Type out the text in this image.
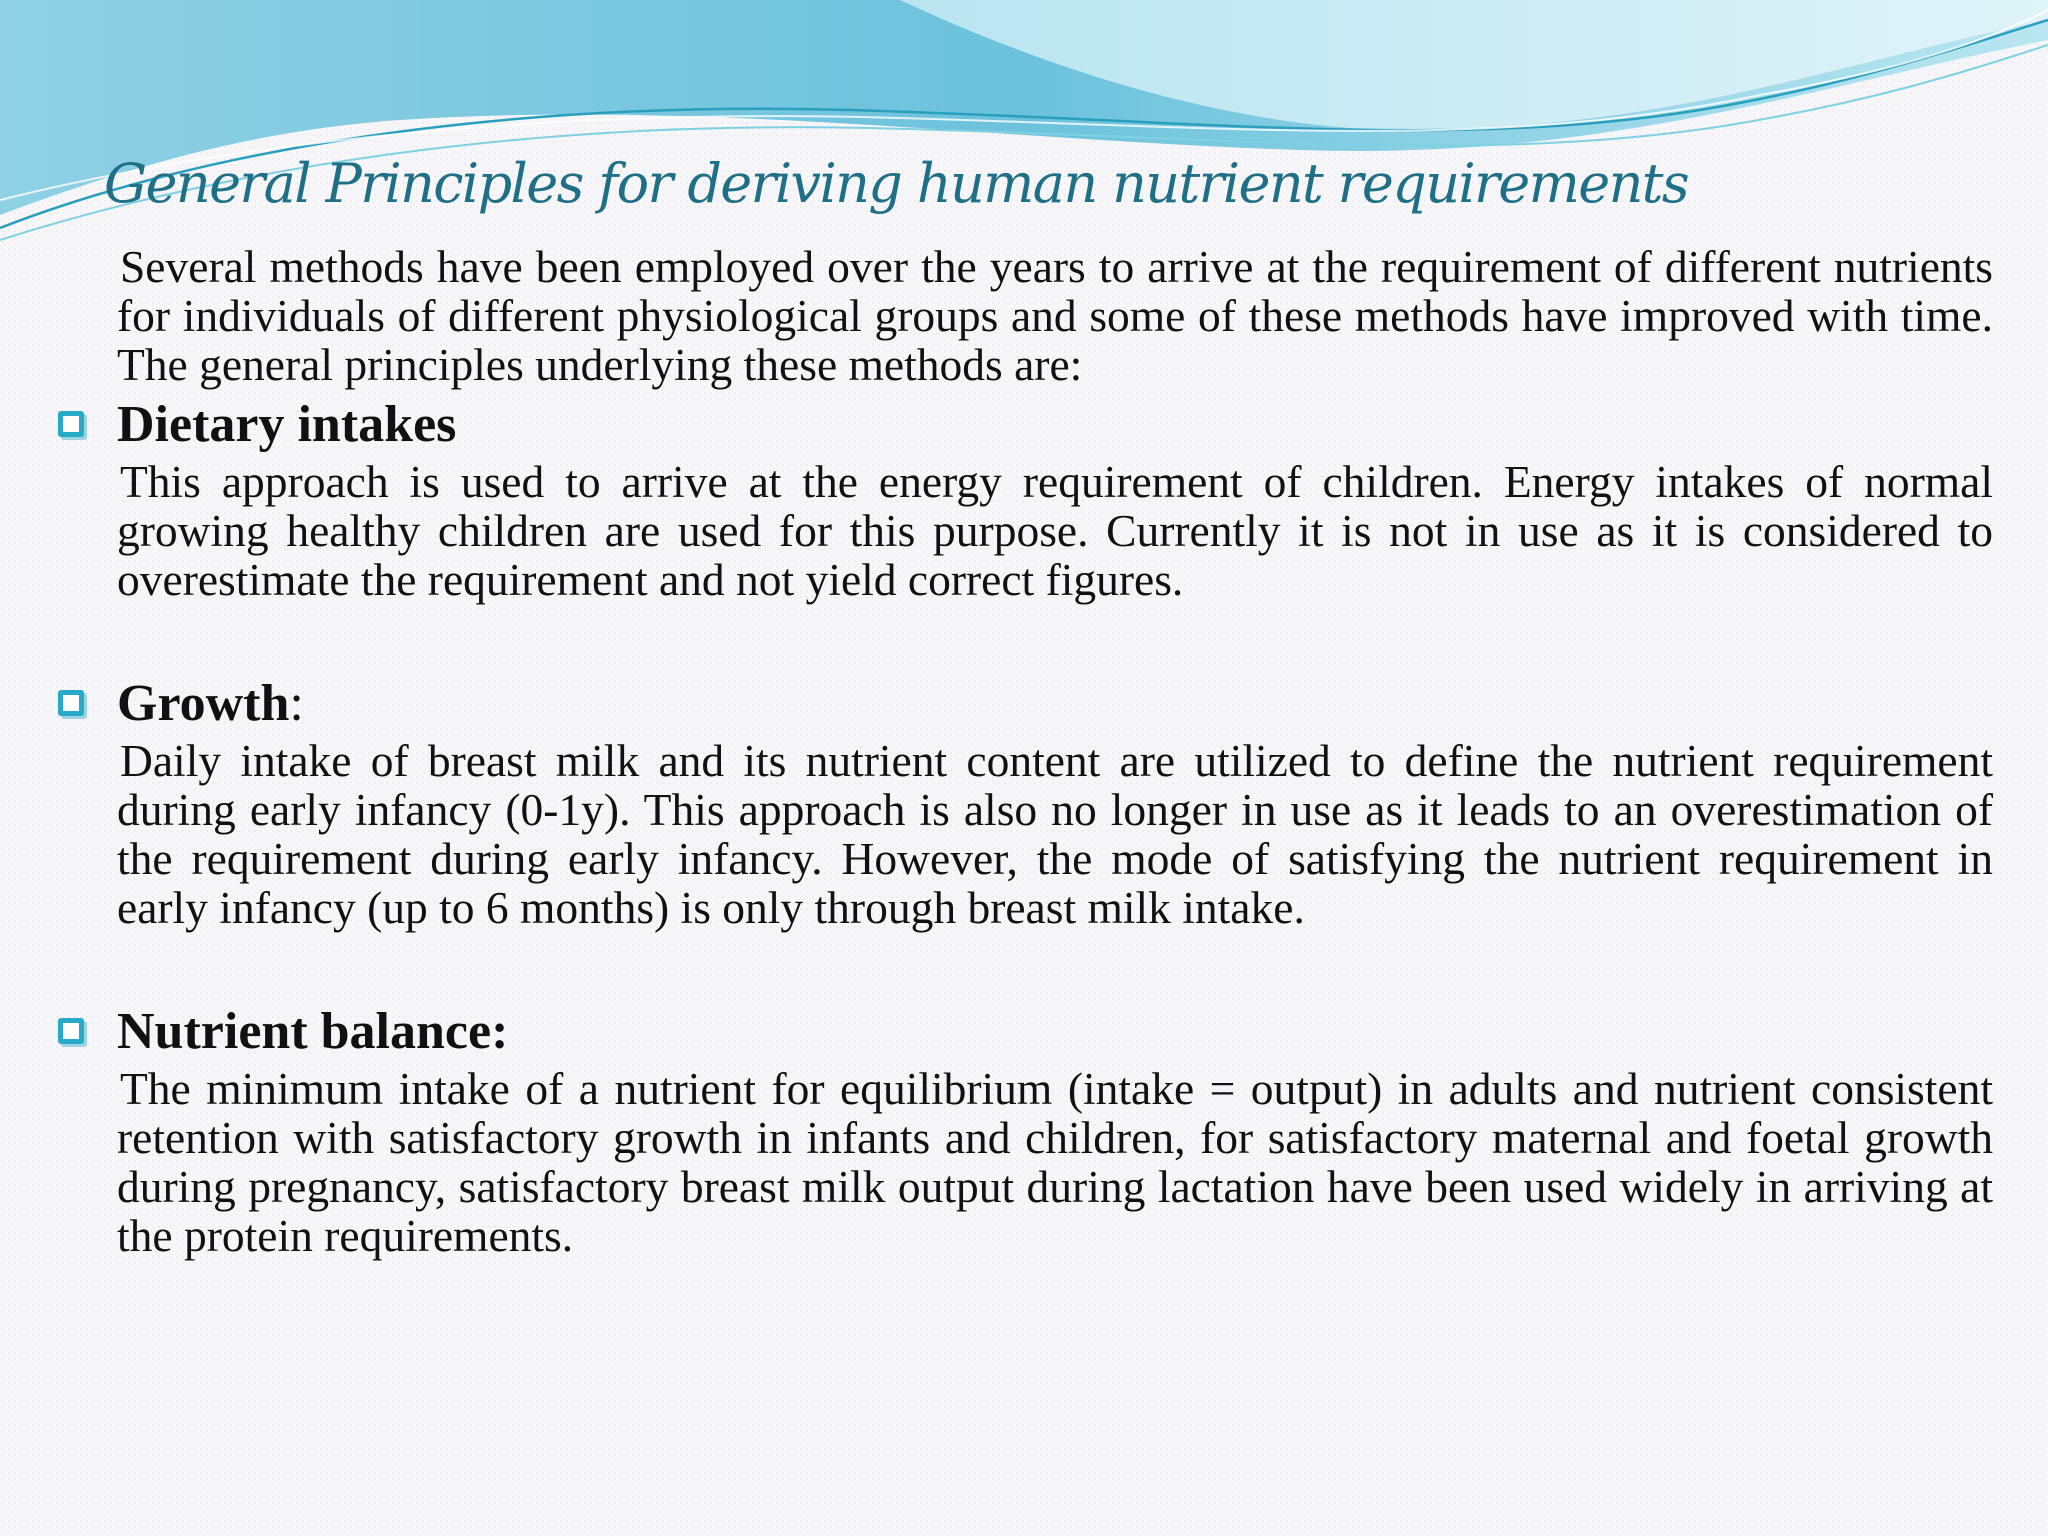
General Principles for deriving human nutrient requirements

Several methods have been employed over the years to arrive at the requirement of different nutrients for individuals of different physiological groups and some of these methods have improved with time. The general principles underlying these methods are:

Dietary intakes

This approach is used to arrive at the energy requirement of children. Energy intakes of normal growing healthy children are used for this purpose. Currently it is not in use as it is considered to overestimate the requirement and not yield correct figures.

Growth:

Daily intake of breast milk and its nutrient content are utilized to define the nutrient requirement during early infancy (0-1y). This approach is also no longer in use as it leads to an overestimation of the requirement during early infancy. However, the mode of satisfying the nutrient requirement in early infancy (up to 6 months) is only through breast milk intake.

Nutrient balance:

The minimum intake of a nutrient for equilibrium (intake = output) in adults and nutrient consistent retention with satisfactory growth in infants and children, for satisfactory maternal and foetal growth during pregnancy, satisfactory breast milk output during lactation have been used widely in arriving at the protein requirements.
